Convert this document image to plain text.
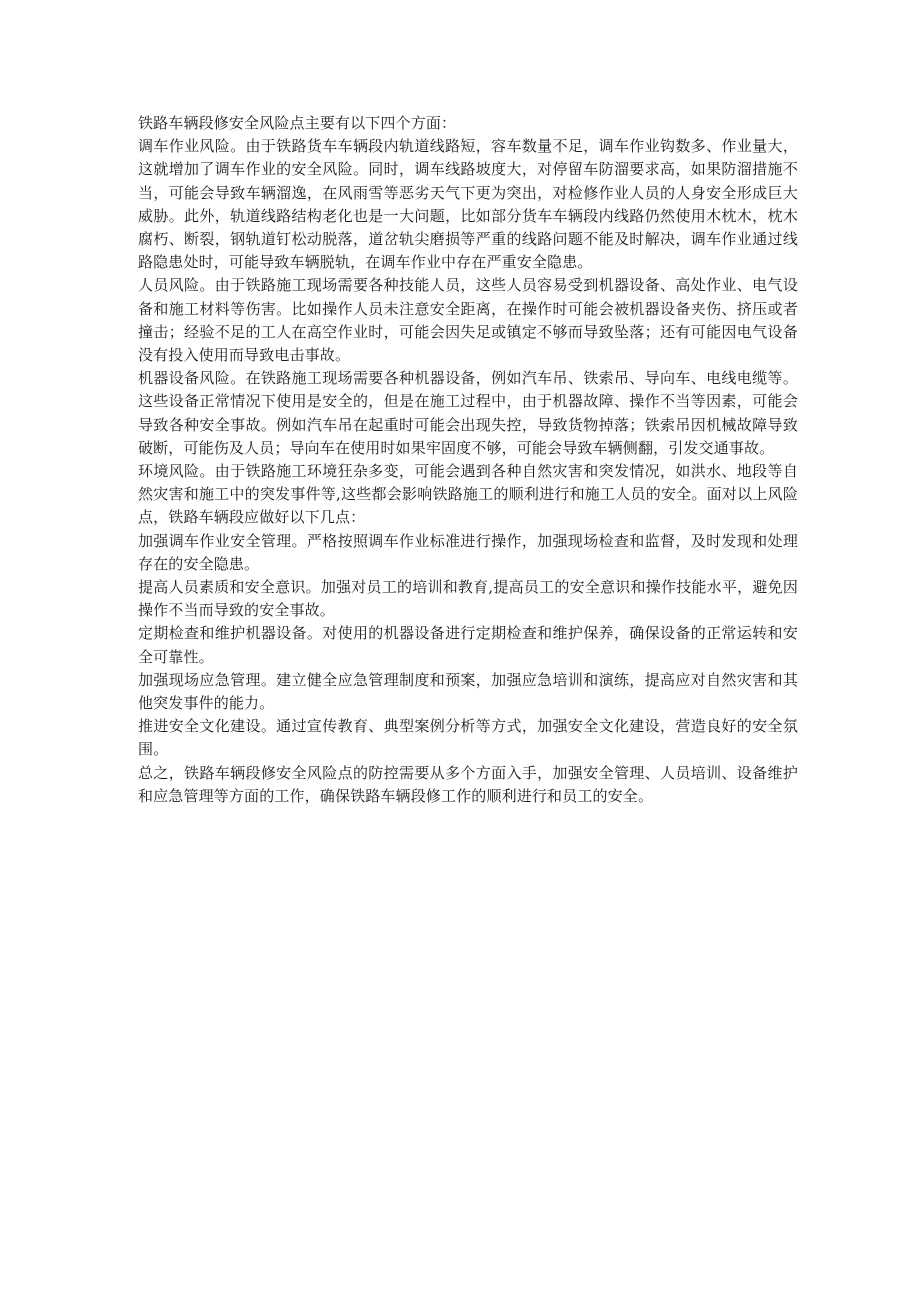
铁路车辆段修安全风险点主要有以下四个方面：

调车作业风险。由于铁路货车车辆段内轨道线路短，容车数量不足，调车作业钩数多、作业量大，这就增加了调车作业的安全风险。同时，调车线路坡度大，对停留车防溜要求高，如果防溜措施不当，可能会导致车辆溜逸，在风雨雪等恶劣天气下更为突出，对检修作业人员的人身安全形成巨大威胁。此外，轨道线路结构老化也是一大问题，比如部分货车车辆段内线路仍然使用木枕木，枕木腐朽、断裂，钢轨道钉松动脱落，道岔轨尖磨损等严重的线路问题不能及时解决，调车作业通过线路隐患处时，可能导致车辆脱轨，在调车作业中存在严重安全隐患。

人员风险。由于铁路施工现场需要各种技能人员，这些人员容易受到机器设备、高处作业、电气设备和施工材料等伤害。比如操作人员未注意安全距离，在操作时可能会被机器设备夹伤、挤压或者撞击；经验不足的工人在高空作业时，可能会因失足或镇定不够而导致坠落；还有可能因电气设备没有投入使用而导致电击事故。

机器设备风险。在铁路施工现场需要各种机器设备，例如汽车吊、铁索吊、导向车、电线电缆等。这些设备正常情况下使用是安全的，但是在施工过程中，由于机器故障、操作不当等因素，可能会导致各种安全事故。例如汽车吊在起重时可能会出现失控，导致货物掉落；铁索吊因机械故障导致破断，可能伤及人员；导向车在使用时如果牢固度不够，可能会导致车辆侧翻，引发交通事故。

环境风险。由于铁路施工环境狂杂多变，可能会遇到各种自然灾害和突发情况，如洪水、地段等自然灾害和施工中的突发事件等,这些都会影响铁路施工的顺利进行和施工人员的安全。面对以上风险点，铁路车辆段应做好以下几点：

加强调车作业安全管理。严格按照调车作业标准进行操作，加强现场检查和监督，及时发现和处理存在的安全隐患。

提高人员素质和安全意识。加强对员工的培训和教育,提高员工的安全意识和操作技能水平，避免因操作不当而导致的安全事故。

定期检查和维护机器设备。对使用的机器设备进行定期检查和维护保养，确保设备的正常运转和安全可靠性。

加强现场应急管理。建立健全应急管理制度和预案，加强应急培训和演练，提高应对自然灾害和其他突发事件的能力。

推进安全文化建设。通过宣传教育、典型案例分析等方式，加强安全文化建设，营造良好的安全氛围。

总之，铁路车辆段修安全风险点的防控需要从多个方面入手，加强安全管理、人员培训、设备维护和应急管理等方面的工作，确保铁路车辆段修工作的顺利进行和员工的安全。
